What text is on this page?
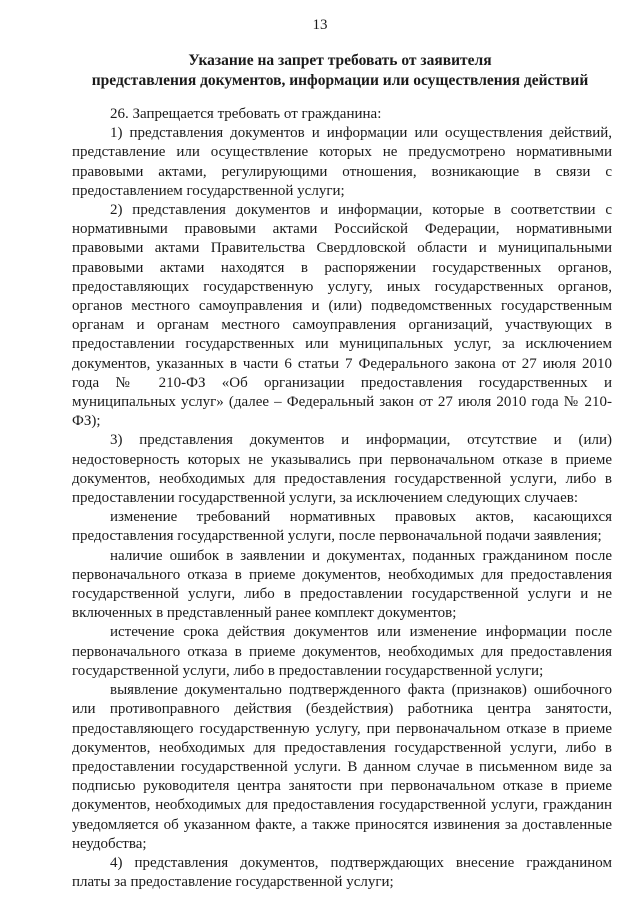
13
Указание на запрет требовать от заявителя
представления документов, информации или осуществления действий

26. Запрещается требовать от гражданина:

1) представления документов и информации или осуществления действий, представление или осуществление которых не предусмотрено нормативными правовыми актами, регулирующими отношения, возникающие в связи с предоставлением государственной услуги;

2) представления документов и информации, которые в соответствии с нормативными правовыми актами Российской Федерации, нормативными правовыми актами Правительства Свердловской области и муниципальными правовыми актами находятся в распоряжении государственных органов, предоставляющих государственную услугу, иных государственных органов, органов местного самоуправления и (или) подведомственных государственным органам и органам местного самоуправления организаций, участвующих в предоставлении государственных или муниципальных услуг, за исключением документов, указанных в части 6 статьи 7 Федерального закона от 27 июля 2010 года № 210-ФЗ «Об организации предоставления государственных и муниципальных услуг» (далее – Федеральный закон от 27 июля 2010 года № 210-ФЗ);

3) представления документов и информации, отсутствие и (или) недостоверность которых не указывались при первоначальном отказе в приеме документов, необходимых для предоставления государственной услуги, либо в предоставлении государственной услуги, за исключением следующих случаев:

изменение требований нормативных правовых актов, касающихся предоставления государственной услуги, после первоначальной подачи заявления;

наличие ошибок в заявлении и документах, поданных гражданином после первоначального отказа в приеме документов, необходимых для предоставления государственной услуги, либо в предоставлении государственной услуги и не включенных в представленный ранее комплект документов;

истечение срока действия документов или изменение информации после первоначального отказа в приеме документов, необходимых для предоставления государственной услуги, либо в предоставлении государственной услуги;

выявление документально подтвержденного факта (признаков) ошибочного или противоправного действия (бездействия) работника центра занятости, предоставляющего государственную услугу, при первоначальном отказе в приеме документов, необходимых для предоставления государственной услуги, либо в предоставлении государственной услуги. В данном случае в письменном виде за подписью руководителя центра занятости при первоначальном отказе в приеме документов, необходимых для предоставления государственной услуги, гражданин уведомляется об указанном факте, а также приносятся извинения за доставленные неудобства;

4) представления документов, подтверждающих внесение гражданином платы за предоставление государственной услуги;
